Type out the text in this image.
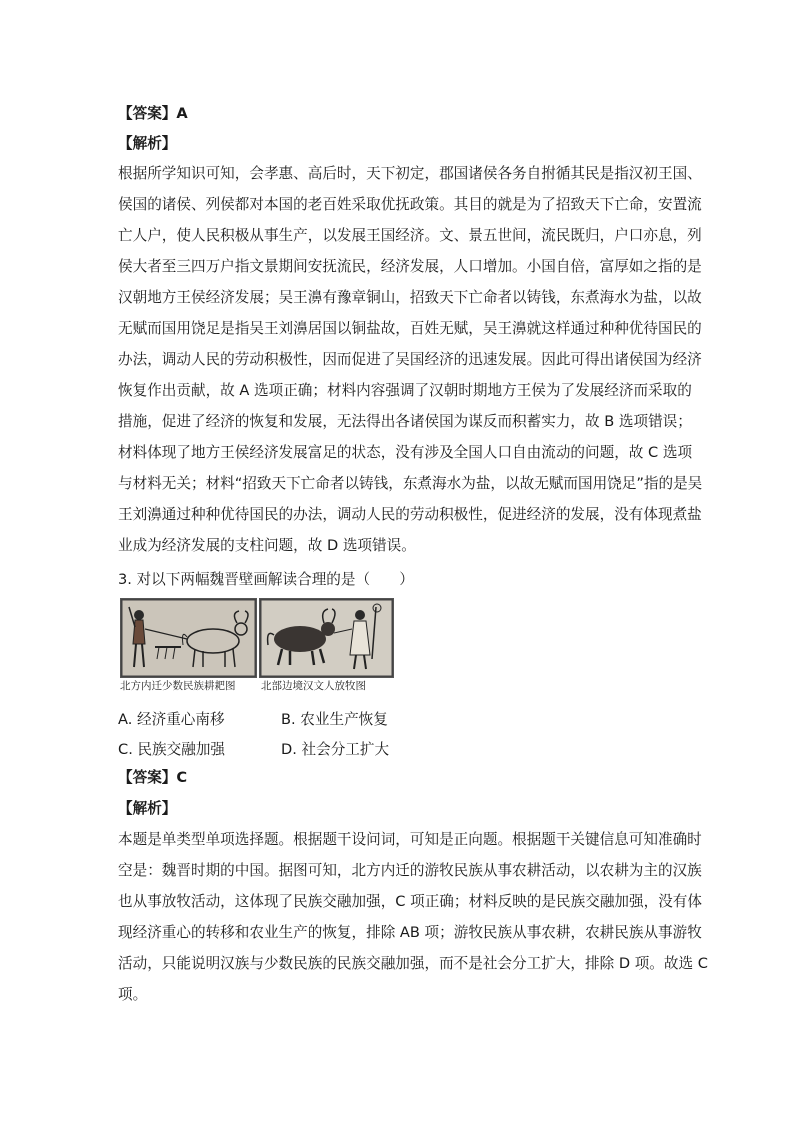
【答案】A
【解析】

根据所学知识可知，会孝惠、高后时，天下初定，郡国诸侯各务自拊循其民是指汉初王国、

侯国的诸侯、列侯都对本国的老百姓采取优抚政策。其目的就是为了招致天下亡命，安置流

亡人户，使人民积极从事生产，以发展王国经济。文、景五世间，流民既归，户口亦息，列

侯大者至三四万户指文景期间安抚流民，经济发展，人口增加。小国自倍，富厚如之指的是

汉朝地方王侯经济发展；吴王濞有豫章铜山，招致天下亡命者以铸钱，东煮海水为盐，以故

无赋而国用饶足是指吴王刘濞居国以铜盐故，百姓无赋，吴王濞就这样通过种种优待国民的

办法，调动人民的劳动积极性，因而促进了吴国经济的迅速发展。因此可得出诸侯国为经济

恢复作出贡献，故 A 选项正确；材料内容强调了汉朝时期地方王侯为了发展经济而采取的

措施，促进了经济的恢复和发展，无法得出各诸侯国为谋反而积蓄实力，故 B 选项错误；

材料体现了地方王侯经济发展富足的状态，没有涉及全国人口自由流动的问题，故 C 选项

与材料无关；材料“招致天下亡命者以铸钱，东煮海水为盐，以故无赋而国用饶足”指的是吴

王刘濞通过种种优待国民的办法，调动人民的劳动积极性，促进经济的发展，没有体现煮盐

业成为经济发展的支柱问题，故 D 选项错误。

3. 对以下两幅魏晋壁画解读合理的是（　　）
北方内迁少数民族耕耙图 北部边境汉文人放牧图
A. 经济重心南移	B. 农业生产恢复
C. 民族交融加强	D. 社会分工扩大
【答案】C
【解析】

本题是单类型单项选择题。根据题干设问词，可知是正向题。根据题干关键信息可知准确时

空是：魏晋时期的中国。据图可知，北方内迁的游牧民族从事农耕活动，以农耕为主的汉族

也从事放牧活动，这体现了民族交融加强，C 项正确；材料反映的是民族交融加强，没有体

现经济重心的转移和农业生产的恢复，排除 AB 项；游牧民族从事农耕，农耕民族从事游牧

活动，只能说明汉族与少数民族的民族交融加强，而不是社会分工扩大，排除 D 项。故选 C

项。
